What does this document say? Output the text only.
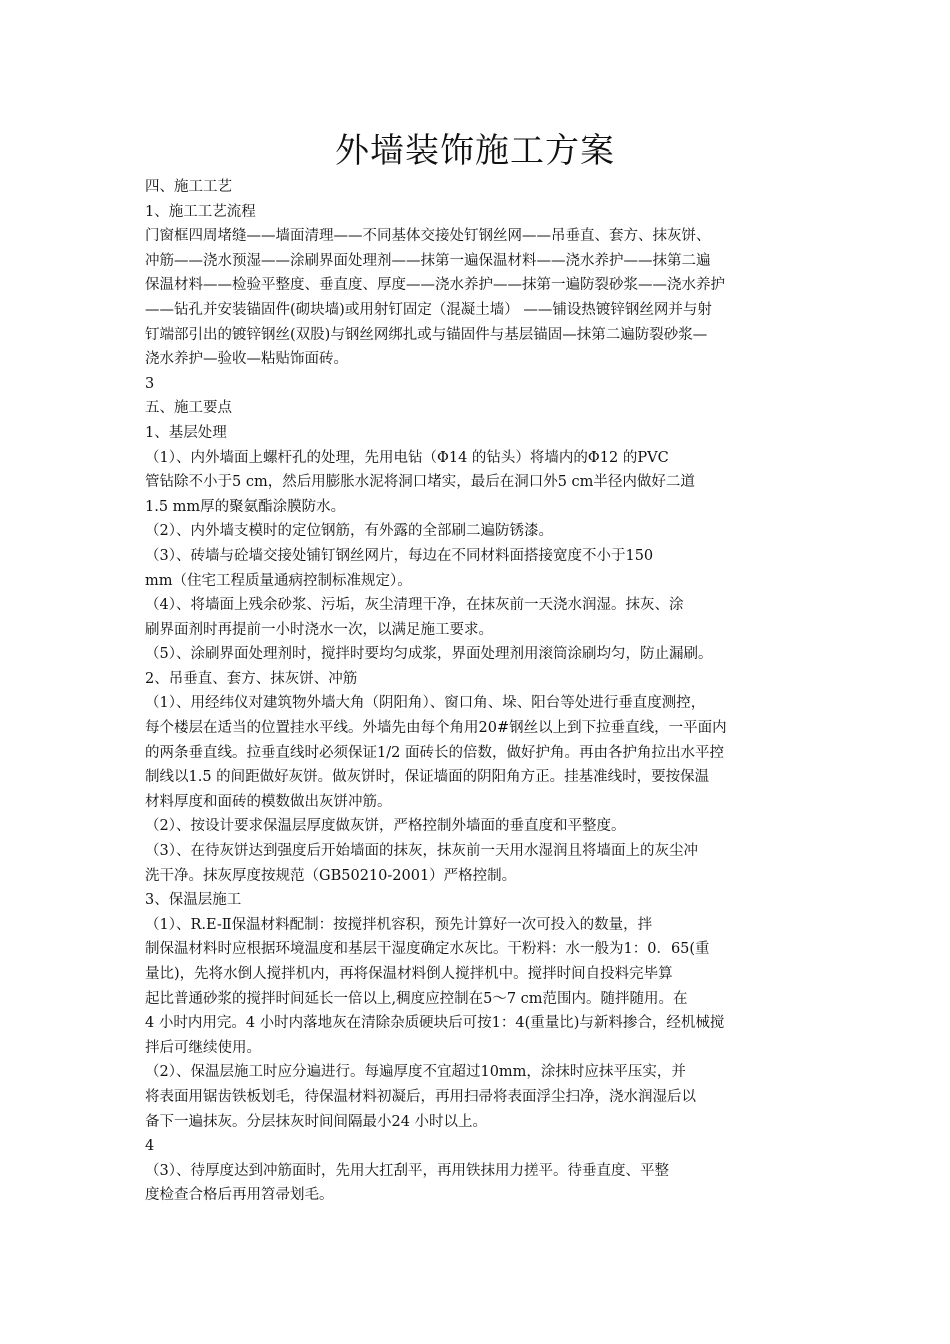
外墙装饰施工方案
四、施工工艺
1、施工工艺流程
门窗框四周堵缝——墙面清理——不同基体交接处钉钢丝网——吊垂直、套方、抹灰饼、
冲筋——浇水预湿——涂刷界面处理剂——抹第一遍保温材料——浇水养护——抹第二遍
保温材料——检验平整度、垂直度、厚度——浇水养护——抹第一遍防裂砂浆——浇水养护
——钻孔并安装锚固件(砌块墙)或用射钉固定（混凝土墙） ——铺设热镀锌钢丝网并与射
钉端部引出的镀锌钢丝(双股)与钢丝网绑扎或与锚固件与基层锚固—抹第二遍防裂砂浆—
浇水养护—验收—粘贴饰面砖。
3
五、施工要点
1、基层处理
（1）、内外墙面上螺杆孔的处理，先用电钻（Φ14 的钻头）将墙内的Φ12 的PVC
管钻除不小于5 cm，然后用膨胀水泥将洞口堵实，最后在洞口外5 cm半径内做好二道
1.5 mm厚的聚氨酯涂膜防水。
（2）、内外墙支模时的定位钢筋，有外露的全部刷二遍防锈漆。
（3）、砖墙与砼墙交接处铺钉钢丝网片，每边在不同材料面搭接宽度不小于150
mm（住宅工程质量通病控制标准规定）。
（4）、将墙面上残余砂浆、污垢，灰尘清理干净，在抹灰前一天浇水润湿。抹灰、涂
刷界面剂时再提前一小时浇水一次，以满足施工要求。
（5）、涂刷界面处理剂时，搅拌时要均匀成浆，界面处理剂用滚筒涂刷均匀，防止漏刷。
2、吊垂直、套方、抹灰饼、冲筋
（1）、用经纬仪对建筑物外墙大角（阴阳角）、窗口角、垛、阳台等处进行垂直度测控，
每个楼层在适当的位置挂水平线。外墙先由每个角用20#钢丝以上到下拉垂直线，一平面内
的两条垂直线。拉垂直线时必须保证1/2 面砖长的倍数，做好护角。再由各护角拉出水平控
制线以1.5 的间距做好灰饼。做灰饼时，保证墙面的阴阳角方正。挂基准线时，要按保温
材料厚度和面砖的模数做出灰饼冲筋。
（2）、按设计要求保温层厚度做灰饼，严格控制外墙面的垂直度和平整度。
（3）、在待灰饼达到强度后开始墙面的抹灰，抹灰前一天用水湿润且将墙面上的灰尘冲
洗干净。抹灰厚度按规范（GB50210-2001）严格控制。
3、保温层施工
（1）、R.E-Ⅱ保温材料配制：按搅拌机容积，预先计算好一次可投入的数量，拌
制保温材料时应根据环境温度和基层干湿度确定水灰比。干粉料：水一般为1：0．65(重
量比)，先将水倒人搅拌机内，再将保温材料倒人搅拌机中。搅拌时间自投料完毕算
起比普通砂浆的搅拌时间延长一倍以上,稠度应控制在5～7 cm范围内。随拌随用。在
4 小时内用完。4 小时内落地灰在清除杂质硬块后可按1：4(重量比)与新料掺合，经机械搅
拌后可继续使用。
（2）、保温层施工时应分遍进行。每遍厚度不宜超过10mm，涂抹时应抹平压实，并
将表面用锯齿铁板划毛，待保温材料初凝后，再用扫帚将表面浮尘扫净，浇水润湿后以
备下一遍抹灰。分层抹灰时间间隔最小24 小时以上。
4
（3）、待厚度达到冲筋面时，先用大扛刮平，再用铁抹用力搓平。待垂直度、平整
度检查合格后再用笤帚划毛。
